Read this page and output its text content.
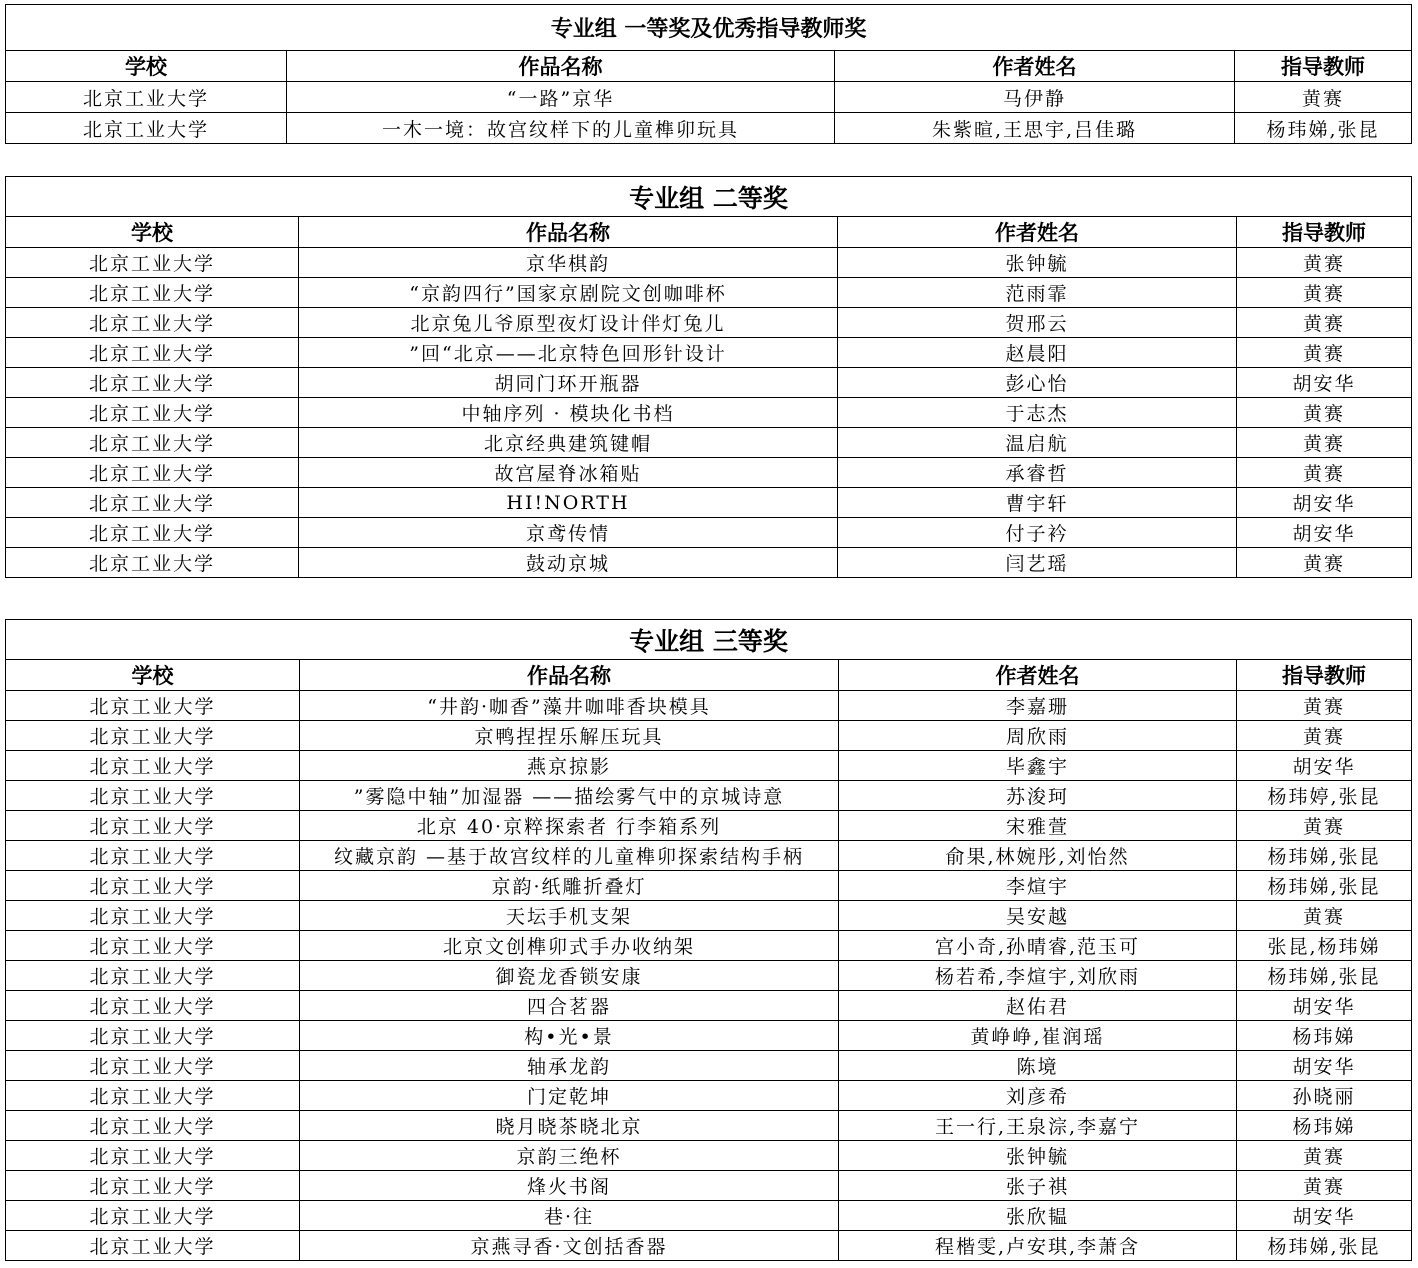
专业组 一等奖及优秀指导教师奖			
学校	作品名称	作者姓名	指导教师
北京工业大学	“一路”京华	马伊静	黄赛
北京工业大学	一木一境：故宫纹样下的儿童榫卯玩具	朱紫暄,王思宇,吕佳璐	杨玮娣,张昆
专业组 二等奖			
学校	作品名称	作者姓名	指导教师
北京工业大学	京华棋韵	张钟毓	黄赛
北京工业大学	“京韵四行”国家京剧院文创咖啡杯	范雨霏	黄赛
北京工业大学	北京兔儿爷原型夜灯设计伴灯兔儿	贺邢云	黄赛
北京工业大学	”回“北京——北京特色回形针设计	赵晨阳	黄赛
北京工业大学	胡同门环开瓶器	彭心怡	胡安华
北京工业大学	中轴序列 · 模块化书档	于志杰	黄赛
北京工业大学	北京经典建筑键帽	温启航	黄赛
北京工业大学	故宫屋脊冰箱贴	承睿哲	黄赛
北京工业大学	HI!NORTH	曹宇轩	胡安华
北京工业大学	京鸢传情	付子衿	胡安华
北京工业大学	鼓动京城	闫艺瑶	黄赛
专业组 三等奖			
学校	作品名称	作者姓名	指导教师
北京工业大学	“井韵·咖香”藻井咖啡香块模具	李嘉珊	黄赛
北京工业大学	京鸭捏捏乐解压玩具	周欣雨	黄赛
北京工业大学	燕京掠影	毕鑫宇	胡安华
北京工业大学	”雾隐中轴”加湿器 ——描绘雾气中的京城诗意	苏浚珂	杨玮婷,张昆
北京工业大学	北京 40·京粹探索者 行李箱系列	宋雅萱	黄赛
北京工业大学	纹藏京韵 —基于故宫纹样的儿童榫卯探索结构手柄	俞果,林婉彤,刘怡然	杨玮娣,张昆
北京工业大学	京韵·纸雕折叠灯	李煊宇	杨玮娣,张昆
北京工业大学	天坛手机支架	吴安越	黄赛
北京工业大学	北京文创榫卯式手办收纳架	宫小奇,孙晴睿,范玉可	张昆,杨玮娣
北京工业大学	御瓷龙香锁安康	杨若希,李煊宇,刘欣雨	杨玮娣,张昆
北京工业大学	四合茗器	赵佑君	胡安华
北京工业大学	构•光•景	黄峥峥,崔润瑶	杨玮娣
北京工业大学	轴承龙韵	陈境	胡安华
北京工业大学	门定乾坤	刘彦希	孙晓丽
北京工业大学	晓月晓茶晓北京	王一行,王泉淙,李嘉宁	杨玮娣
北京工业大学	京韵三绝杯	张钟毓	黄赛
北京工业大学	烽火书阁	张子祺	黄赛
北京工业大学	巷·往	张欣韫	胡安华
北京工业大学	京燕寻香·文创括香器	程楷雯,卢安琪,李萧含	杨玮娣,张昆
